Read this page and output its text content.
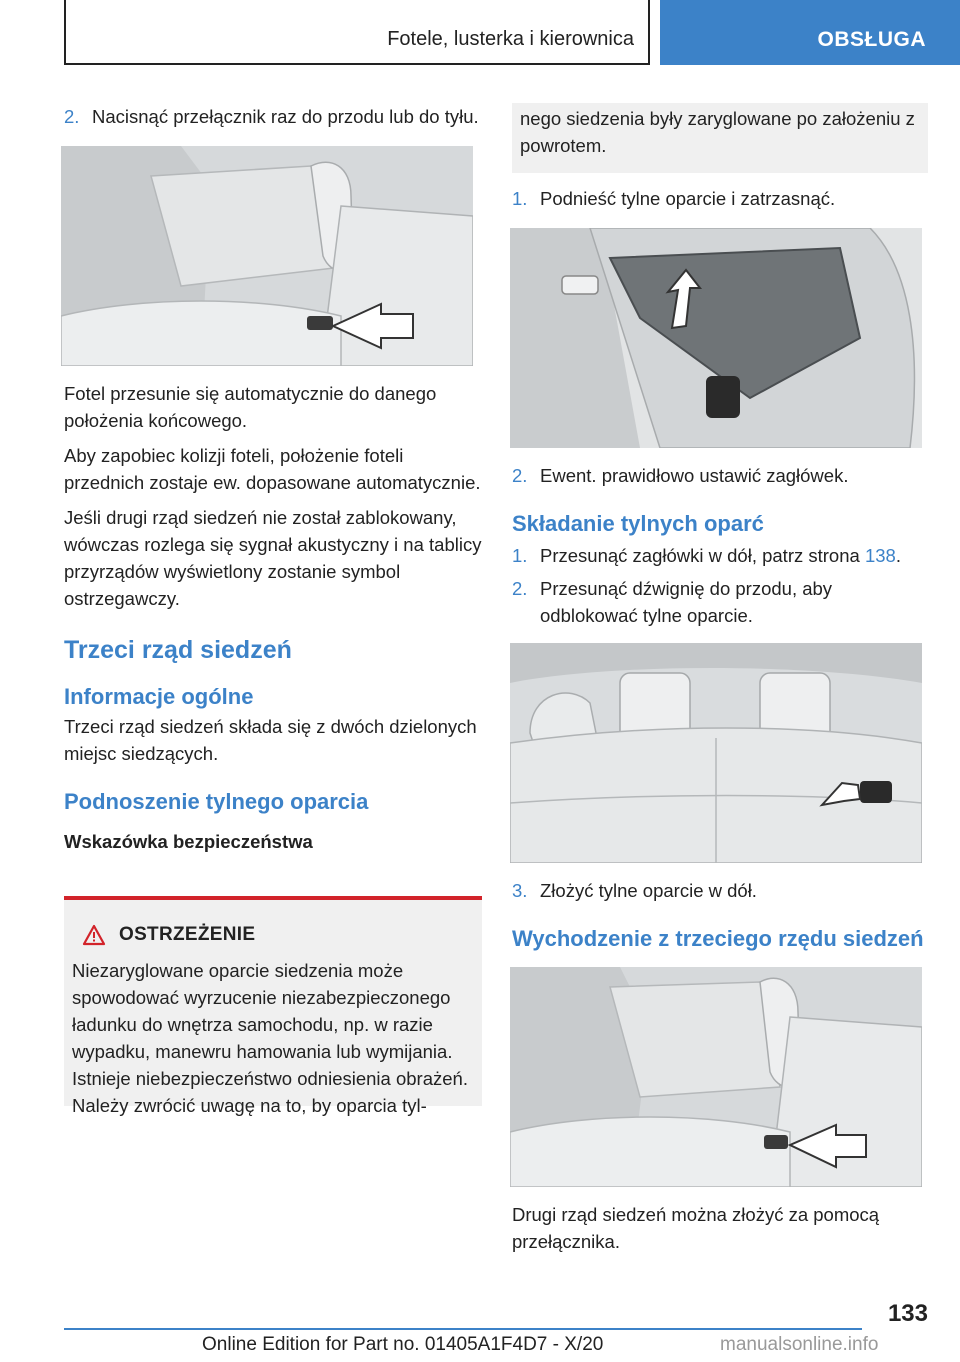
Fotele, lusterka i kierownica	OBSŁUGA
2. Nacisnąć przełącznik raz do przodu lub do tyłu.
Fotel przesunie się automatycznie do danego położenia końcowego.
Aby zapobiec kolizji foteli, położenie foteli przednich zostaje ew. dopasowane automatycznie.
Jeśli drugi rząd siedzeń nie został zablokowany, wówczas rozlega się sygnał akustyczny i na tablicy przyrządów wyświetlony zostanie symbol ostrzegawczy.
Trzeci rząd siedzeń
Informacje ogólne
Trzeci rząd siedzeń składa się z dwóch dzielonych miejsc siedzących.
Podnoszenie tylnego oparcia
Wskazówka bezpieczeństwa
OSTRZEŻENIE
Niezaryglowane oparcie siedzenia może spowodować wyrzucenie niezabezpieczonego ładunku do wnętrza samochodu, np. w razie wypadku, manewru hamowania lub wymijania. Istnieje niebezpieczeństwo odniesienia obrażeń. Należy zwrócić uwagę na to, by oparcia tyl-
nego siedzenia były zaryglowane po założeniu z powrotem.
1. Podnieść tylne oparcie i zatrzasnąć.
2. Ewent. prawidłowo ustawić zagłówek.
Składanie tylnych oparć
1. Przesunąć zagłówki w dół, patrz strona 138.
2. Przesunąć dźwignię do przodu, aby odblokować tylne oparcie.
3. Złożyć tylne oparcie w dół.
Wychodzenie z trzeciego rzędu siedzeń
Drugi rząd siedzeń można złożyć za pomocą przełącznika.
133
Online Edition for Part no. 01405A1F4D7 - X/20	manualsonline.info
